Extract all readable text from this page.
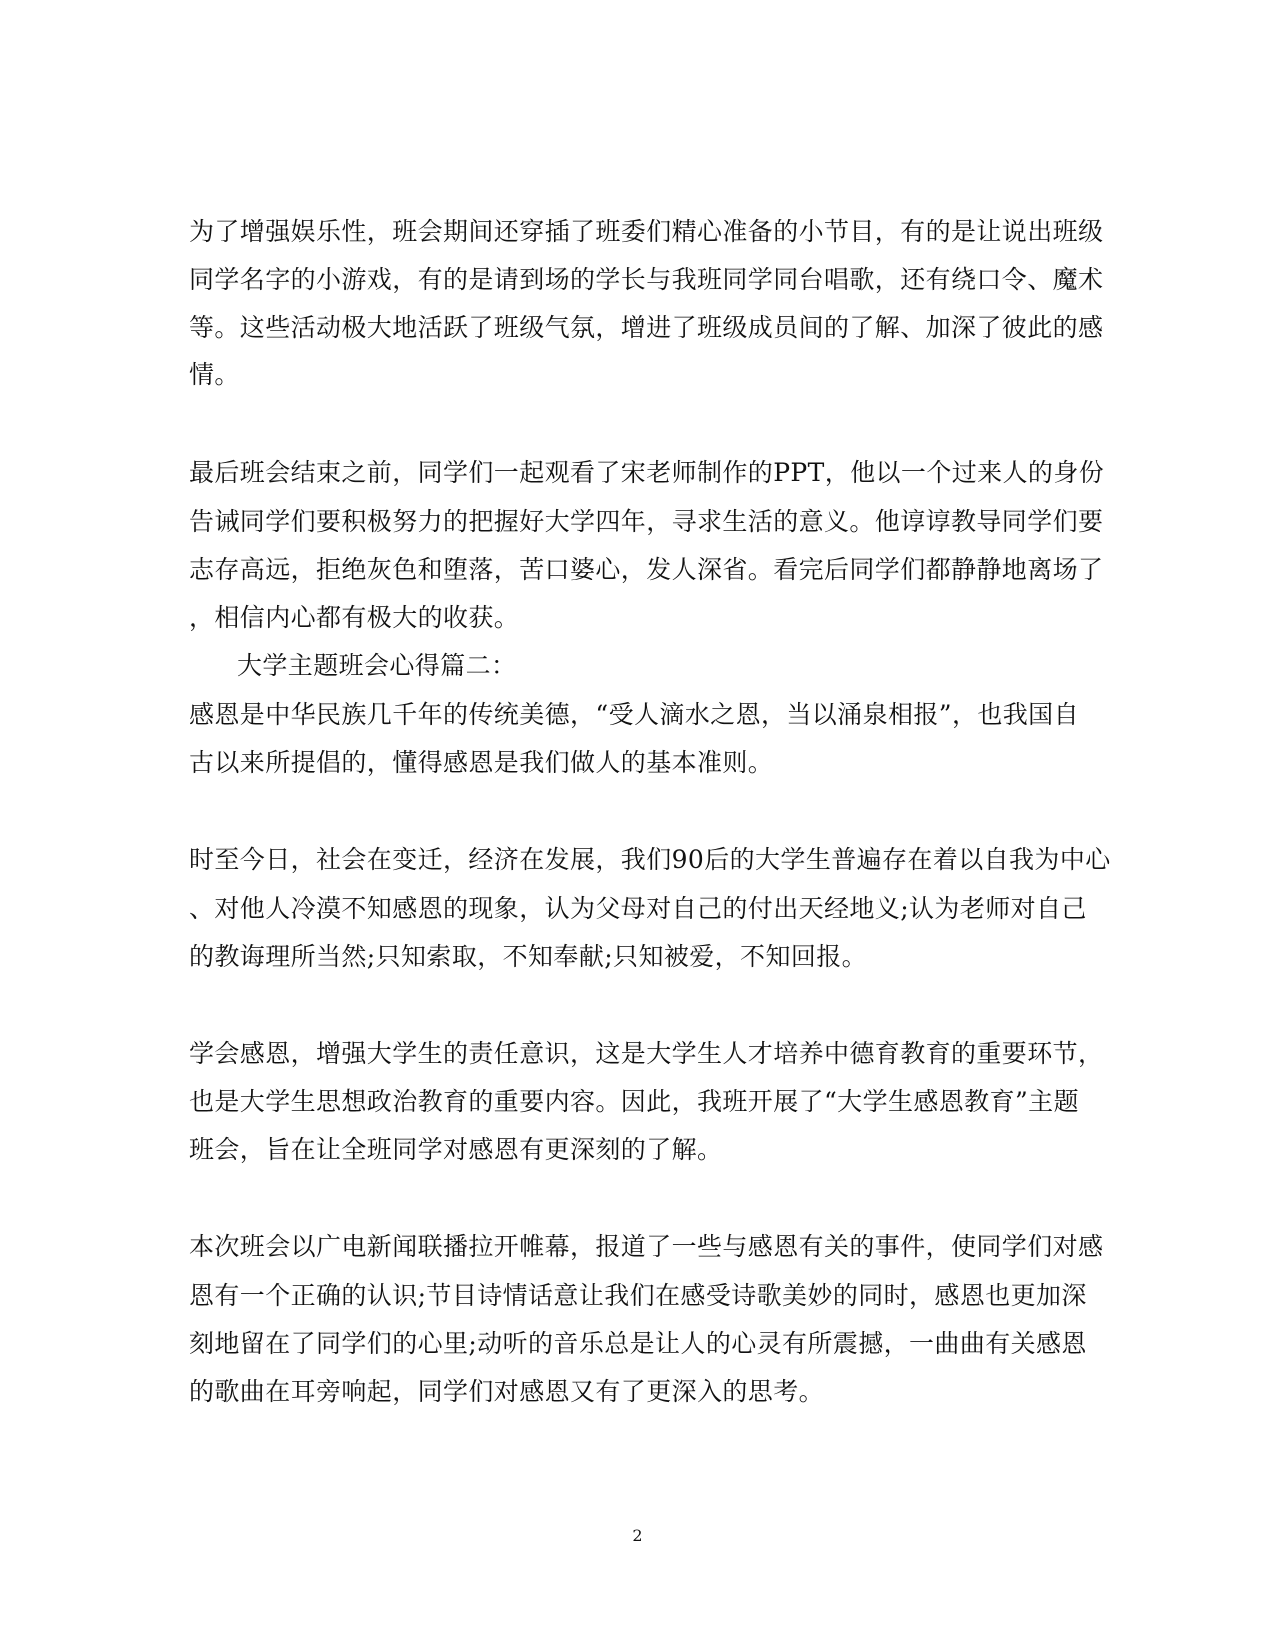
为了增强娱乐性，班会期间还穿插了班委们精心准备的小节目，有的是让说出班级
同学名字的小游戏，有的是请到场的学长与我班同学同台唱歌，还有绕口令、魔术
等。这些活动极大地活跃了班级气氛，增进了班级成员间的了解、加深了彼此的感
情。
最后班会结束之前，同学们一起观看了宋老师制作的PPT，他以一个过来人的身份
告诫同学们要积极努力的把握好大学四年，寻求生活的意义。他谆谆教导同学们要
志存高远，拒绝灰色和堕落，苦口婆心，发人深省。看完后同学们都静静地离场了
，相信内心都有极大的收获。
大学主题班会心得篇二：
感恩是中华民族几千年的传统美德，“受人滴水之恩，当以涌泉相报”，也我国自
古以来所提倡的，懂得感恩是我们做人的基本准则。
时至今日，社会在变迁，经济在发展，我们90后的大学生普遍存在着以自我为中心
、对他人冷漠不知感恩的现象，认为父母对自己的付出天经地义;认为老师对自己
的教诲理所当然;只知索取，不知奉献;只知被爱，不知回报。
学会感恩，增强大学生的责任意识，这是大学生人才培养中德育教育的重要环节，
也是大学生思想政治教育的重要内容。因此，我班开展了“大学生感恩教育”主题
班会，旨在让全班同学对感恩有更深刻的了解。
本次班会以广电新闻联播拉开帷幕，报道了一些与感恩有关的事件，使同学们对感
恩有一个正确的认识;节目诗情话意让我们在感受诗歌美妙的同时，感恩也更加深
刻地留在了同学们的心里;动听的音乐总是让人的心灵有所震撼，一曲曲有关感恩
的歌曲在耳旁响起，同学们对感恩又有了更深入的思考。
2
